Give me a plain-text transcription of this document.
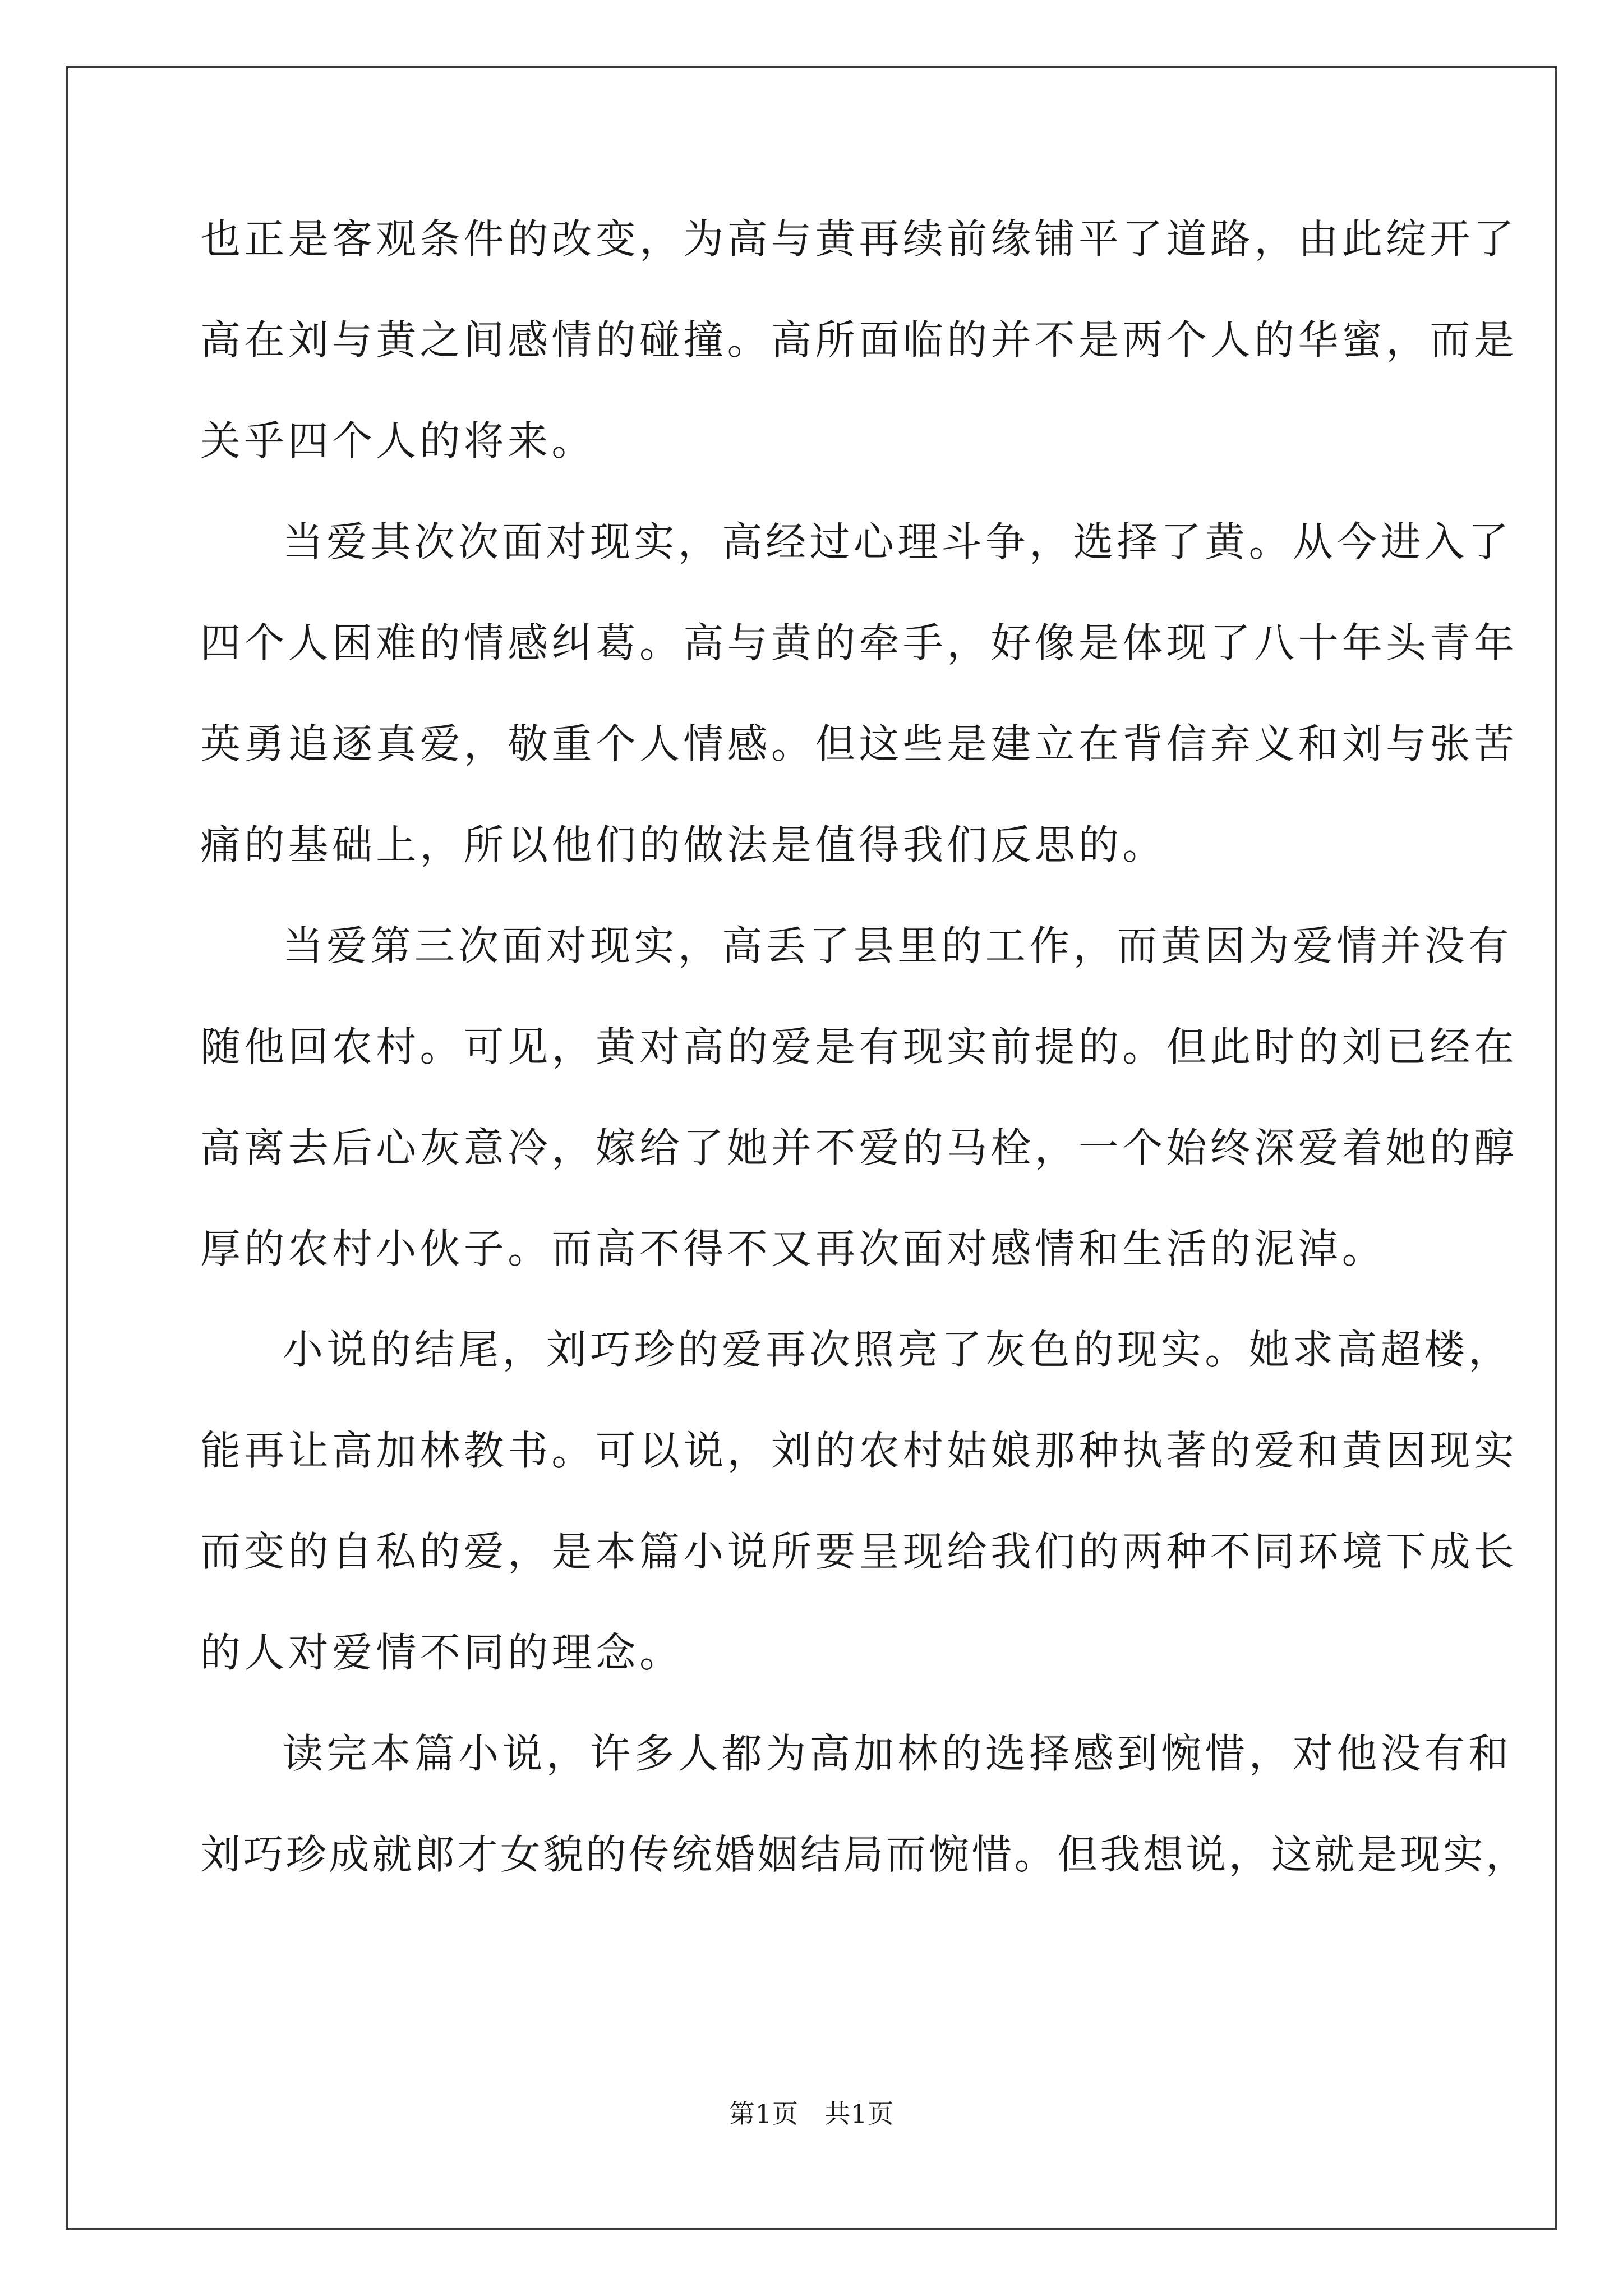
也正是客观条件的改变，为高与黄再续前缘铺平了道路，由此绽开了
高在刘与黄之间感情的碰撞。高所面临的并不是两个人的华蜜，而是
关乎四个人的将来。
当爱其次次面对现实，高经过心理斗争，选择了黄。从今进入了
四个人困难的情感纠葛。高与黄的牵手，好像是体现了八十年头青年
英勇追逐真爱，敬重个人情感。但这些是建立在背信弃义和刘与张苦
痛的基础上，所以他们的做法是值得我们反思的。
当爱第三次面对现实，高丢了县里的工作，而黄因为爱情并没有
随他回农村。可见，黄对高的爱是有现实前提的。但此时的刘已经在
高离去后心灰意冷，嫁给了她并不爱的马栓，一个始终深爱着她的醇
厚的农村小伙子。而高不得不又再次面对感情和生活的泥淖。
小说的结尾，刘巧珍的爱再次照亮了灰色的现实。她求高超楼，
能再让高加林教书。可以说，刘的农村姑娘那种执著的爱和黄因现实
而变的自私的爱，是本篇小说所要呈现给我们的两种不同环境下成长
的人对爱情不同的理念。
读完本篇小说，许多人都为高加林的选择感到惋惜，对他没有和
刘巧珍成就郎才女貌的传统婚姻结局而惋惜。但我想说，这就是现实，
第1页 共1页
